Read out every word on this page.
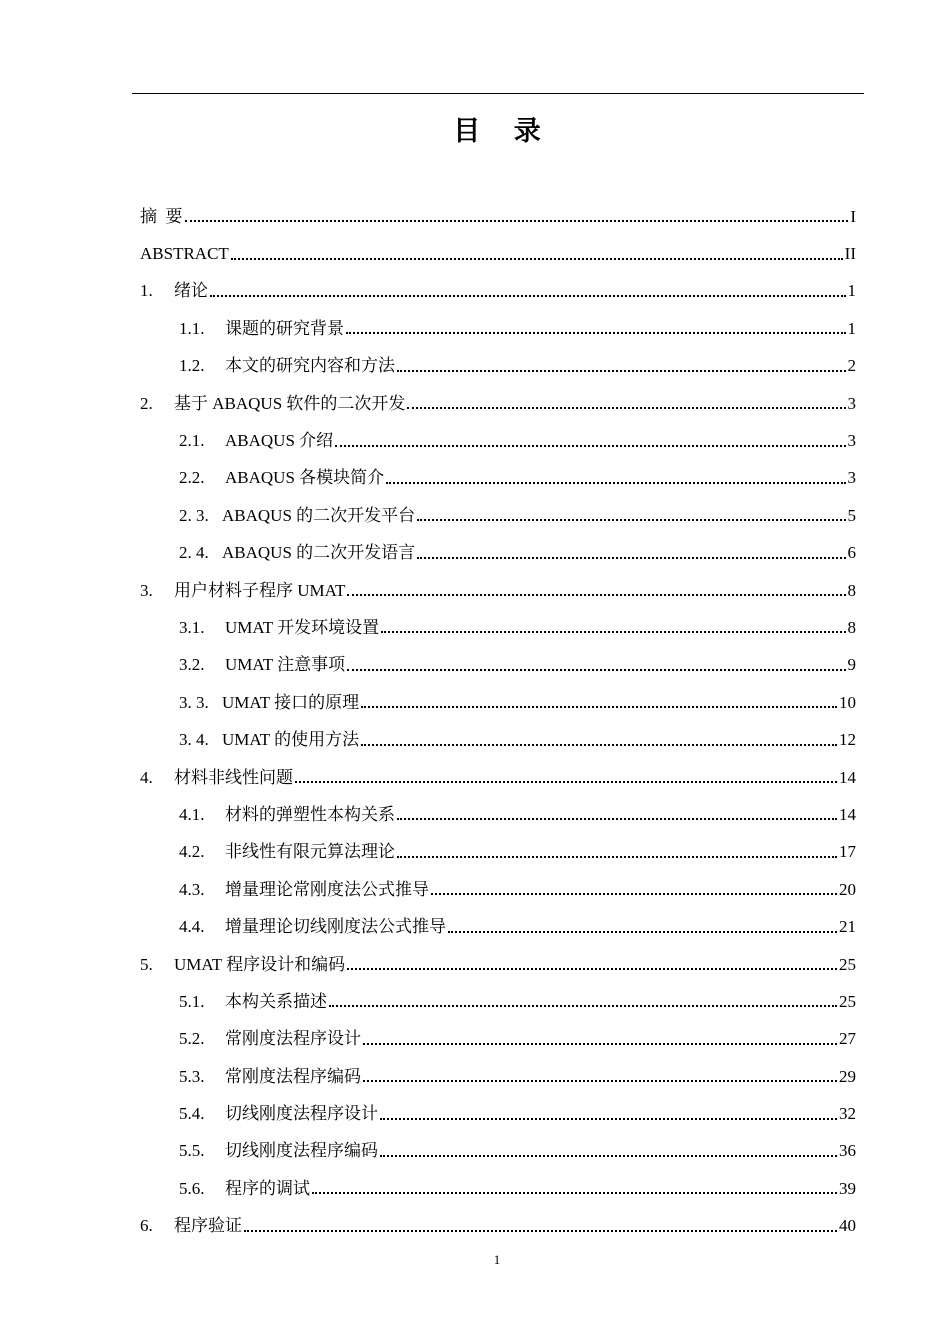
目 录
摘  要	I
ABSTRACT	II
1.	绪论	1
1.1.	课题的研究背景	1
1.2.	本文的研究内容和方法	2
2.	基于 ABAQUS 软件的二次开发	3
2.1.	ABAQUS 介绍	3
2.2.	ABAQUS 各模块简介	3
2. 3. ABAQUS 的二次开发平台	5
2. 4. ABAQUS 的二次开发语言	6
3.	用户材料子程序 UMAT	8
3.1.	UMAT 开发环境设置	8
3.2.	UMAT 注意事项	9
3. 3. UMAT 接口的原理	10
3. 4. UMAT 的使用方法	12
4.	材料非线性问题	14
4.1.	材料的弹塑性本构关系	14
4.2.	非线性有限元算法理论	17
4.3.	增量理论常刚度法公式推导	20
4.4.	增量理论切线刚度法公式推导	21
5.	UMAT 程序设计和编码	25
5.1.	本构关系描述	25
5.2.	常刚度法程序设计	27
5.3.	常刚度法程序编码	29
5.4.	切线刚度法程序设计	32
5.5.	切线刚度法程序编码	36
5.6.	程序的调试	39
6.	程序验证	40
1
